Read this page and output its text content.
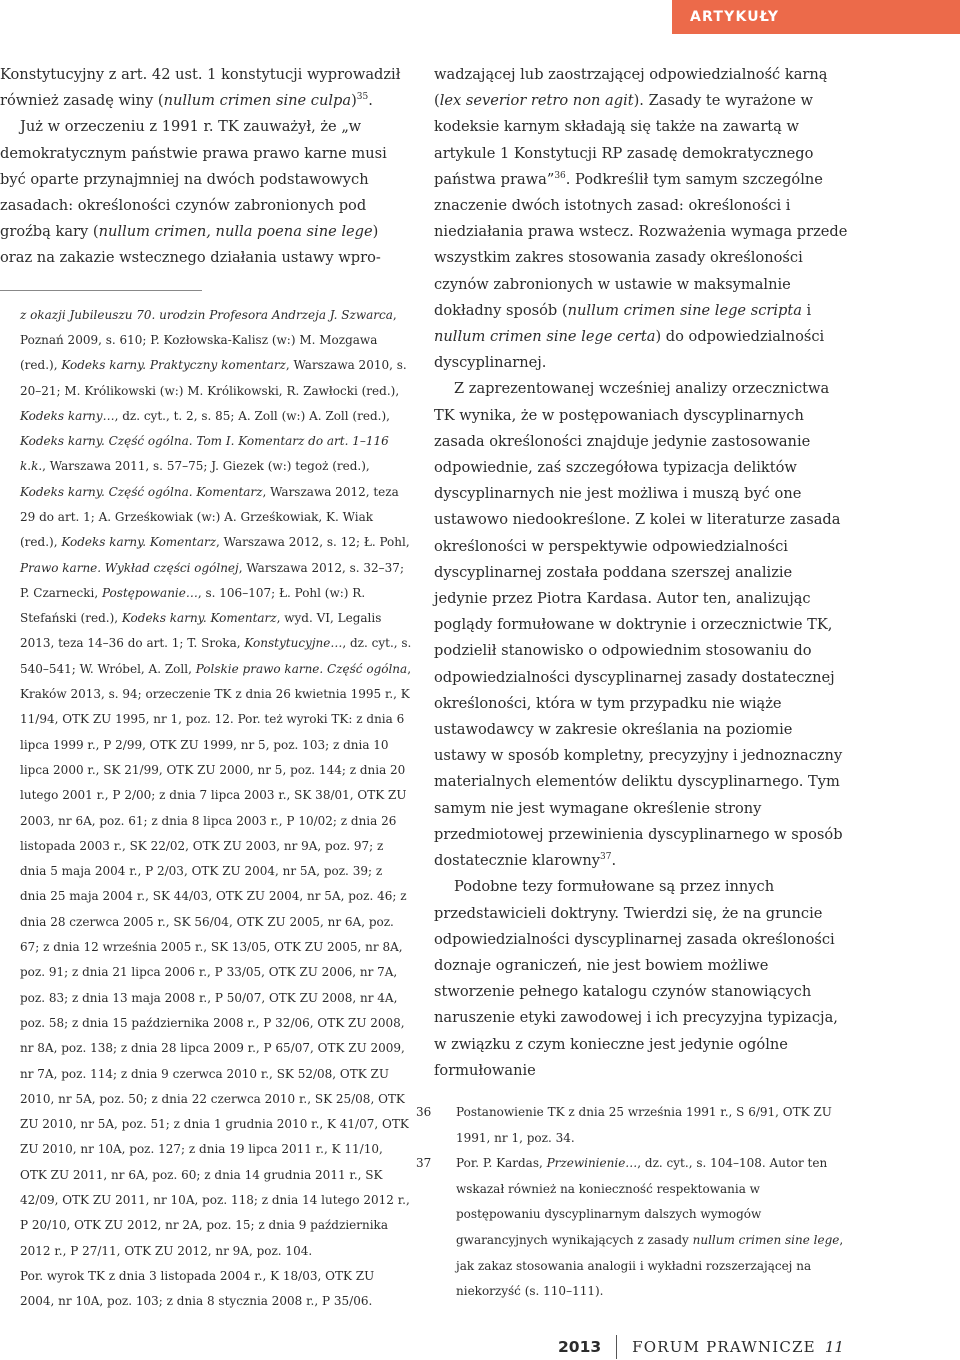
ARTYKUŁY

Konstytucyjny z art. 42 ust. 1 konstytucji wyprowadził również zasadę winy (nullum crimen sine culpa)$^{35}$.

Już w orzeczeniu z 1991 r. TK zauważył, że „w demokratycznym państwie prawa prawo karne musi być oparte przynajmniej na dwóch podstawowych zasadach: określoności czynów zabronionych pod groźbą kary (nullum crimen, nulla poena sine lege) oraz na zakazie wstecznego działania ustawy wpro-

z okazji Jubileuszu 70. urodzin Profesora Andrzeja J. Szwarca, Poznań 2009, s. 610; P. Kozłowska-Kalisz (w:) M. Mozgawa (red.), Kodeks karny. Praktyczny komentarz, Warszawa 2010, s. 20–21; M. Królikowski (w:) M. Królikowski, R. Zawłocki (red.), Kodeks karny…, dz. cyt., t. 2, s. 85; A. Zoll (w:) A. Zoll (red.), Kodeks karny. Część ogólna. Tom I. Komentarz do art. 1–116 k.k., Warszawa 2011, s. 57–75; J. Giezek (w:) tegoż (red.), Kodeks karny. Część ogólna. Komentarz, Warszawa 2012, teza 29 do art. 1; A. Grześkowiak (w:) A. Grześkowiak, K. Wiak (red.), Kodeks karny. Komentarz, Warszawa 2012, s. 12; Ł. Pohl, Prawo karne. Wykład części ogólnej, Warszawa 2012, s. 32–37; P. Czarnecki, Postępowanie…, s. 106–107; Ł. Pohl (w:) R. Stefański (red.), Kodeks karny. Komentarz, wyd. VI, Legalis 2013, teza 14–36 do art. 1; T. Sroka, Konstytucyjne…, dz. cyt., s. 540–541; W. Wróbel, A. Zoll, Polskie prawo karne. Część ogólna, Kraków 2013, s. 94; orzeczenie TK z dnia 26 kwietnia 1995 r., K 11/94, OTK ZU 1995, nr 1, poz. 12. Por. też wyroki TK: z dnia 6 lipca 1999 r., P 2/99, OTK ZU 1999, nr 5, poz. 103; z dnia 10 lipca 2000 r., SK 21/99, OTK ZU 2000, nr 5, poz. 144; z dnia 20 lutego 2001 r., P 2/00; z dnia 7 lipca 2003 r., SK 38/01, OTK ZU 2003, nr 6A, poz. 61; z dnia 8 lipca 2003 r., P 10/02; z dnia 26 listopada 2003 r., SK 22/02, OTK ZU 2003, nr 9A, poz. 97; z dnia 5 maja 2004 r., P 2/03, OTK ZU 2004, nr 5A, poz. 39; z dnia 25 maja 2004 r., SK 44/03, OTK ZU 2004, nr 5A, poz. 46; z dnia 28 czerwca 2005 r., SK 56/04, OTK ZU 2005, nr 6A, poz. 67; z dnia 12 września 2005 r., SK 13/05, OTK ZU 2005, nr 8A, poz. 91; z dnia 21 lipca 2006 r., P 33/05, OTK ZU 2006, nr 7A, poz. 83; z dnia 13 maja 2008 r., P 50/07, OTK ZU 2008, nr 4A, poz. 58; z dnia 15 października 2008 r., P 32/06, OTK ZU 2008, nr 8A, poz. 138; z dnia 28 lipca 2009 r., P 65/07, OTK ZU 2009, nr 7A, poz. 114; z dnia 9 czerwca 2010 r., SK 52/08, OTK ZU 2010, nr 5A, poz. 50; z dnia 22 czerwca 2010 r., SK 25/08, OTK ZU 2010, nr 5A, poz. 51; z dnia 1 grudnia 2010 r., K 41/07, OTK ZU 2010, nr 10A, poz. 127; z dnia 19 lipca 2011 r., K 11/10, OTK ZU 2011, nr 6A, poz. 60; z dnia 14 grudnia 2011 r., SK 42/09, OTK ZU 2011, nr 10A, poz. 118; z dnia 14 lutego 2012 r., P 20/10, OTK ZU 2012, nr 2A, poz. 15; z dnia 9 października 2012 r., P 27/11, OTK ZU 2012, nr 9A, poz. 104.

Por. wyrok TK z dnia 3 listopada 2004 r., K 18/03, OTK ZU 2004, nr 10A, poz. 103; z dnia 8 stycznia 2008 r., P 35/06.

wadzającej lub zaostrzającej odpowiedzialność karną (lex severior retro non agit). Zasady te wyrażone w kodeksie karnym składają się także na zawartą w artykule 1 Konstytucji RP zasadę demokratycznego państwa prawa”$^{36}$. Podkreślił tym samym szczególne znaczenie dwóch istotnych zasad: określoności i niedziałania prawa wstecz. Rozważenia wymaga przede wszystkim zakres stosowania zasady określoności czynów zabronionych w ustawie w maksymalnie dokładny sposób (nullum crimen sine lege scripta i nullum crimen sine lege certa) do odpowiedzialności dyscyplinarnej.

Z zaprezentowanej wcześniej analizy orzecznictwa TK wynika, że w postępowaniach dyscyplinarnych zasada określoności znajduje jedynie zastosowanie odpowiednie, zaś szczegółowa typizacja deliktów dyscyplinarnych nie jest możliwa i muszą być one ustawowo niedookreślone. Z kolei w literaturze zasada określoności w perspektywie odpowiedzialności dyscyplinarnej została poddana szerszej analizie jedynie przez Piotra Kardasa. Autor ten, analizując poglądy formułowane w doktrynie i orzecznictwie TK, podzielił stanowisko o odpowiednim stosowaniu do odpowiedzialności dyscyplinarnej zasady dostatecznej określoności, która w tym przypadku nie wiąże ustawodawcy w zakresie określania na poziomie ustawy w sposób kompletny, precyzyjny i jednoznaczny materialnych elementów deliktu dyscyplinarnego. Tym samym nie jest wymagane określenie strony przedmiotowej przewinienia dyscyplinarnego w sposób dostatecznie klarowny$^{37}$.

Podobne tezy formułowane są przez innych przedstawicieli doktryny. Twierdzi się, że na gruncie odpowiedzialności dyscyplinarnej zasada określoności doznaje ograniczeń, nie jest bowiem możliwe stworzenie pełnego katalogu czynów stanowiących naruszenie etyki zawodowej i ich precyzyjna typizacja, w związku z czym konieczne jest jedynie ogólne formułowanie

36 Postanowienie TK z dnia 25 września 1991 r., S 6/91, OTK ZU 1991, nr 1, poz. 34.

37 Por. P. Kardas, Przewinienie…, dz. cyt., s. 104–108. Autor ten wskazał również na konieczność respektowania w postępowaniu dyscyplinarnym dalszych wymogów gwarancyjnych wynikających z zasady nullum crimen sine lege, jak zakaz stosowania analogii i wykładni rozszerzającej na niekorzyść (s. 110–111).

2013	FORUM PRAWNICZE 11
